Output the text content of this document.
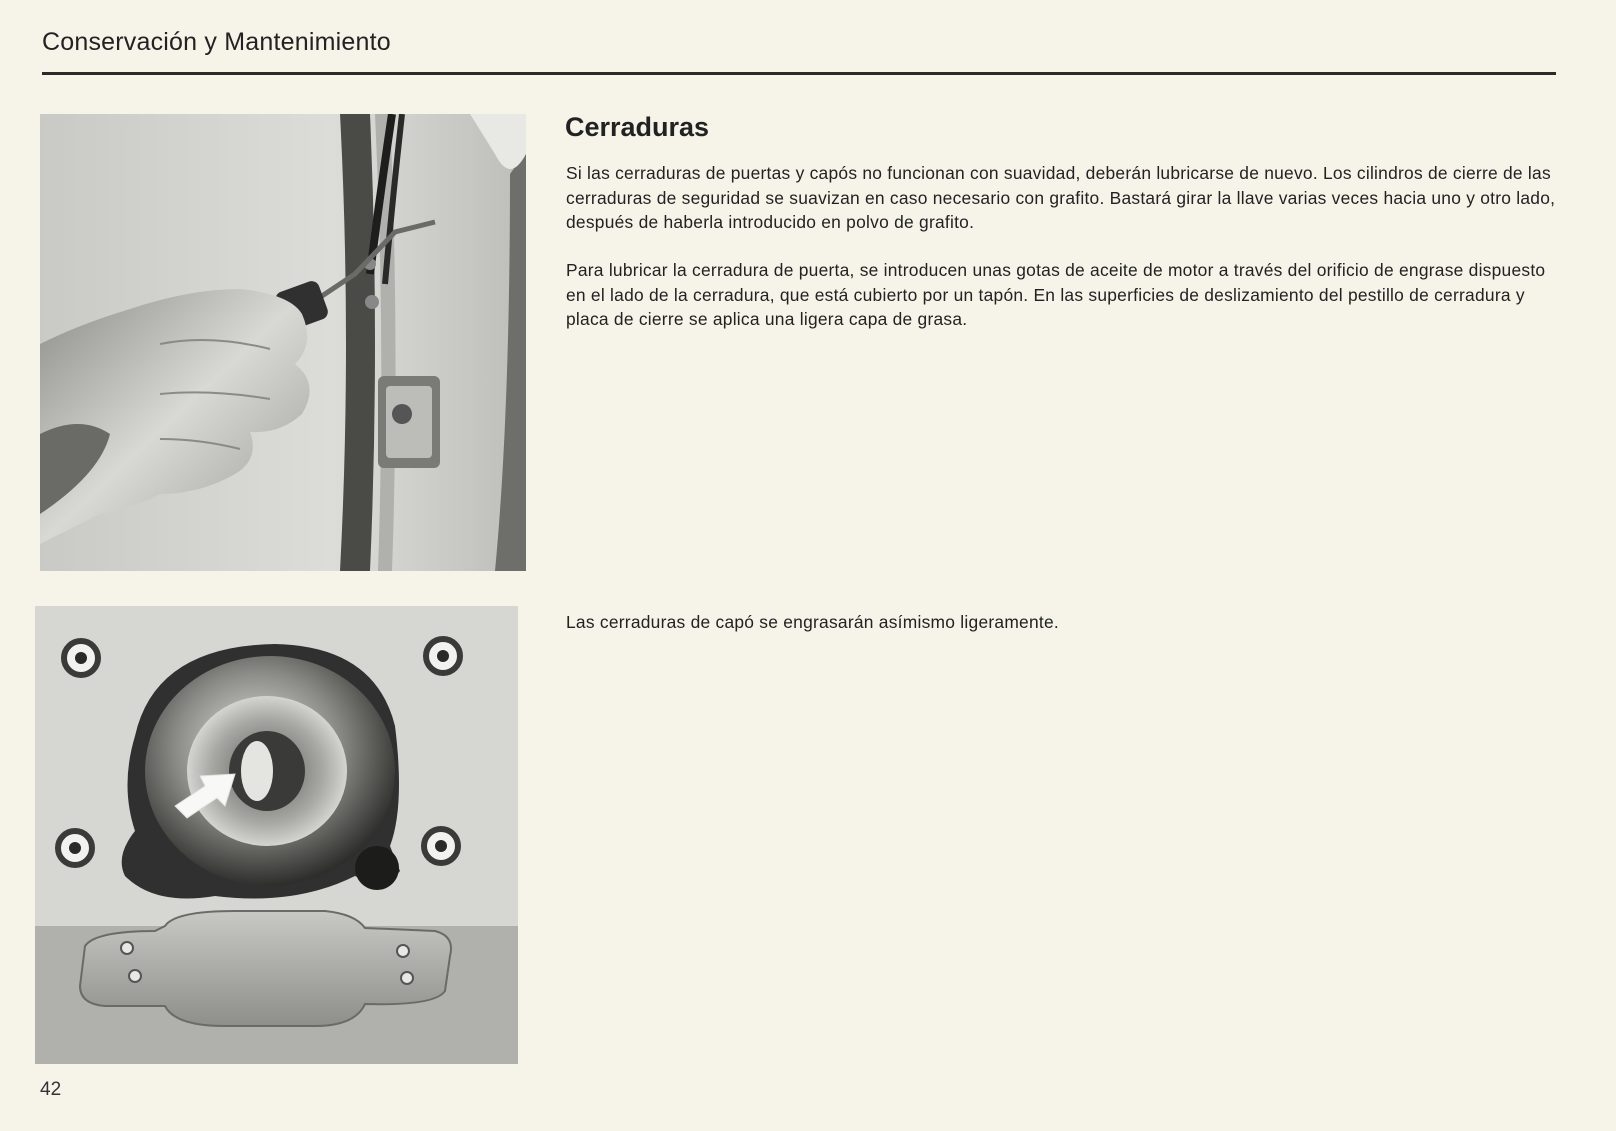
Conservación y Mantenimiento
Cerraduras
Si las cerraduras de puertas y capós no funcionan con suavidad, deberán lubricarse de nuevo. Los cilindros de cierre de las cerraduras de seguridad se suavizan en caso necesario con grafito. Bastará girar la llave varias veces hacia uno y otro lado, después de haberla introducido en polvo de grafito.
Para lubricar la cerradura de puerta, se introducen unas gotas de aceite de motor a través del orificio de engrase dispuesto en el lado de la cerradura, que está cubierto por un tapón. En las superficies de deslizamiento del pestillo de cerradura y placa de cierre se aplica una ligera capa de grasa.
Las cerraduras de capó se engrasarán asímismo ligeramente.
42
